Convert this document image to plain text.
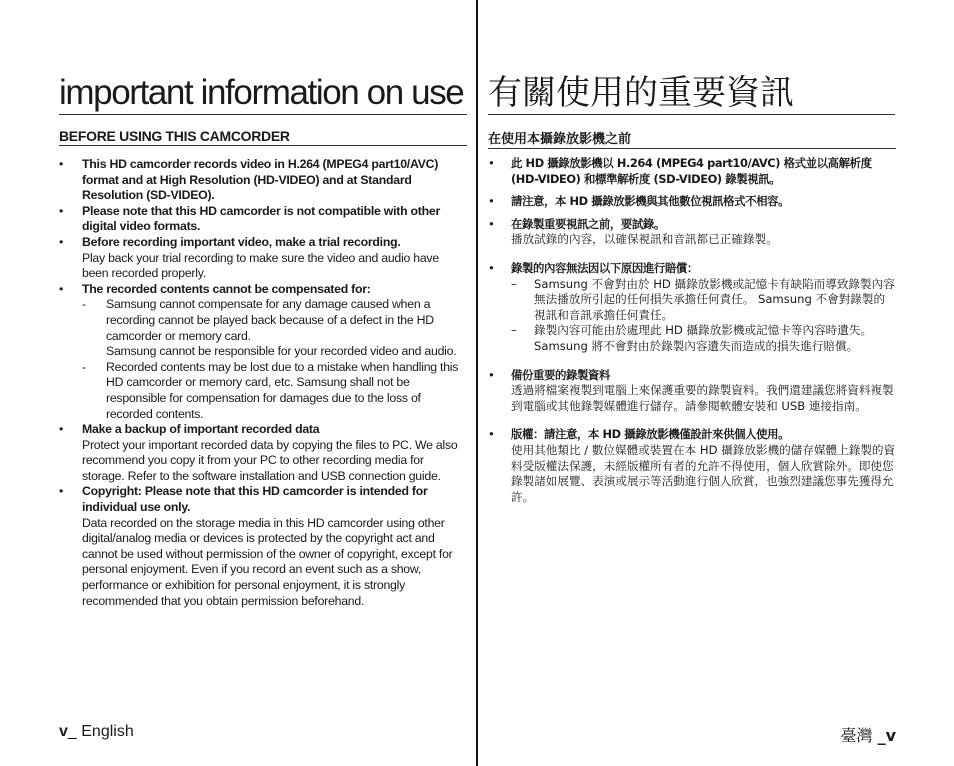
important information on use
BEFORE USING THIS CAMCORDER
• This HD camcorder records video in H.264 (MPEG4 part10/AVC) format and at High Resolution (HD-VIDEO) and at Standard Resolution (SD-VIDEO).
• Please note that this HD camcorder is not compatible with other digital video formats.
• Before recording important video, make a trial recording.
Play back your trial recording to make sure the video and audio have been recorded properly.
• The recorded contents cannot be compensated for:
- Samsung cannot compensate for any damage caused when a recording cannot be played back because of a defect in the HD camcorder or memory card.
Samsung cannot be responsible for your recorded video and audio.
- Recorded contents may be lost due to a mistake when handling this HD camcorder or memory card, etc. Samsung shall not be responsible for compensation for damages due to the loss of recorded contents.
• Make a backup of important recorded data
Protect your important recorded data by copying the files to PC. We also recommend you copy it from your PC to other recording media for storage. Refer to the software installation and USB connection guide.
• Copyright: Please note that this HD camcorder is intended for individual use only.
Data recorded on the storage media in this HD camcorder using other digital/analog media or devices is protected by the copyright act and cannot be used without permission of the owner of copyright, except for personal enjoyment. Even if you record an event such as a show, performance or exhibition for personal enjoyment, it is strongly recommended that you obtain permission beforehand.
有關使用的重要資訊
在使用本攝錄放影機之前
• 此 HD 攝錄放影機以 H.264 (MPEG4 part10/AVC) 格式並以高解析度 (HD-VIDEO) 和標準解析度 (SD-VIDEO) 錄製視訊。
• 請注意，本 HD 攝錄放影機與其他數位視訊格式不相容。
• 在錄製重要視訊之前，要試錄。
播放試錄的內容，以確保視訊和音訊都已正確錄製。
• 錄製的內容無法因以下原因進行賠償：
– Samsung 不會對由於 HD 攝錄放影機或記憶卡有缺陷而導致錄製內容無法播放所引起的任何損失承擔任何責任。 Samsung 不會對錄製的視訊和音訊承擔任何責任。
– 錄製內容可能由於處理此 HD 攝錄放影機或記憶卡等內容時遺失。Samsung 將不會對由於錄製內容遺失而造成的損失進行賠償。
• 備份重要的錄製資料
透過將檔案複製到電腦上來保護重要的錄製資料。我們還建議您將資料複製到電腦或其他錄製媒體進行儲存。請參閱軟體安裝和 USB 連接指南。
• 版權：請注意，本 HD 攝錄放影機僅設計來供個人使用。
使用其他類比 / 數位媒體或裝置在本 HD 攝錄放影機的儲存媒體上錄製的資料受版權法保護，未經版權所有者的允許不得使用，個人欣賞除外。即使您錄製諸如展覽、表演或展示等活動進行個人欣賞，也強烈建議您事先獲得允許。
v_ English	臺灣 _v
